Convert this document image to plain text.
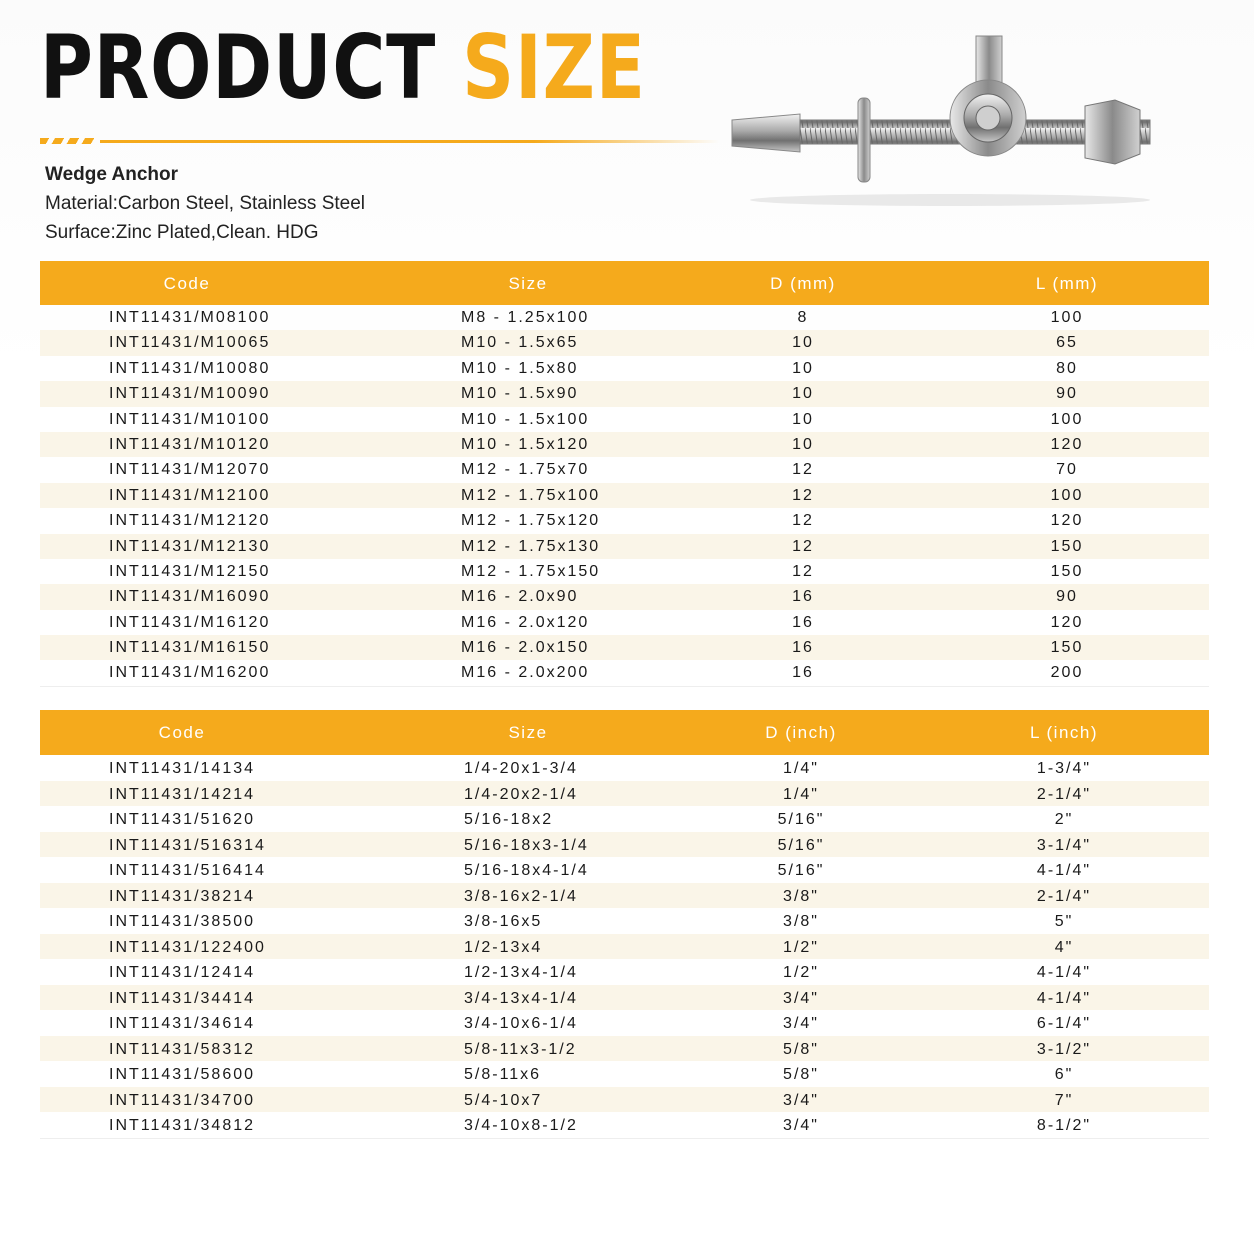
PRODUCT SIZE
Wedge Anchor
Material:Carbon Steel, Stainless Steel
Surface:Zinc Plated,Clean. HDG
Code	Size	D (mm)	L (mm)
INT11431/M08100	M8 - 1.25x100	8	100
INT11431/M10065	M10 - 1.5x65	10	65
INT11431/M10080	M10 - 1.5x80	10	80
INT11431/M10090	M10 - 1.5x90	10	90
INT11431/M10100	M10 - 1.5x100	10	100
INT11431/M10120	M10 - 1.5x120	10	120
INT11431/M12070	M12 - 1.75x70	12	70
INT11431/M12100	M12 - 1.75x100	12	100
INT11431/M12120	M12 - 1.75x120	12	120
INT11431/M12130	M12 - 1.75x130	12	150
INT11431/M12150	M12 - 1.75x150	12	150
INT11431/M16090	M16 - 2.0x90	16	90
INT11431/M16120	M16 - 2.0x120	16	120
INT11431/M16150	M16 - 2.0x150	16	150
INT11431/M16200	M16 - 2.0x200	16	200
Code	Size	D (inch)	L (inch)
INT11431/14134	1/4-20x1-3/4	1/4"	1-3/4"
INT11431/14214	1/4-20x2-1/4	1/4"	2-1/4"
INT11431/51620	5/16-18x2	5/16"	2"
INT11431/516314	5/16-18x3-1/4	5/16"	3-1/4"
INT11431/516414	5/16-18x4-1/4	5/16"	4-1/4"
INT11431/38214	3/8-16x2-1/4	3/8"	2-1/4"
INT11431/38500	3/8-16x5	3/8"	5"
INT11431/122400	1/2-13x4	1/2"	4"
INT11431/12414	1/2-13x4-1/4	1/2"	4-1/4"
INT11431/34414	3/4-13x4-1/4	3/4"	4-1/4"
INT11431/34614	3/4-10x6-1/4	3/4"	6-1/4"
INT11431/58312	5/8-11x3-1/2	5/8"	3-1/2"
INT11431/58600	5/8-11x6	5/8"	6"
INT11431/34700	5/4-10x7	3/4"	7"
INT11431/34812	3/4-10x8-1/2	3/4"	8-1/2"
